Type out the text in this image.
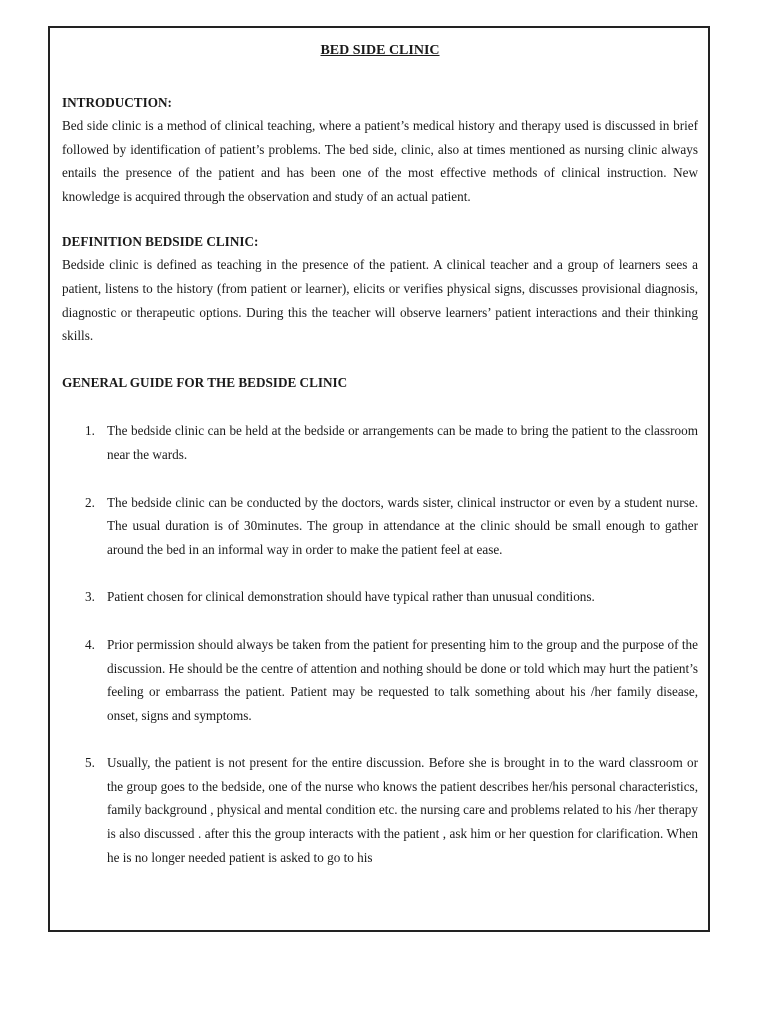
BED SIDE CLINIC
INTRODUCTION:

Bed side clinic is a method of clinical teaching, where a patient’s medical history and therapy used is discussed in brief followed by identification of patient’s problems. The bed side, clinic, also at times mentioned as nursing clinic always entails the presence of the patient and has been one of the most effective methods of clinical instruction. New knowledge is acquired through the observation and study of an actual patient.

DEFINITION BEDSIDE CLINIC:

Bedside clinic is defined as teaching in the presence of the patient. A clinical teacher and a group of learners sees a patient, listens to the history (from patient or learner), elicits or verifies physical signs, discusses provisional diagnosis, diagnostic or therapeutic options. During this the teacher will observe learners’ patient interactions and their thinking skills.

GENERAL GUIDE FOR THE BEDSIDE CLINIC
1. The bedside clinic can be held at the bedside or arrangements can be made to bring the patient to the classroom near the wards.
2. The bedside clinic can be conducted by the doctors, wards sister, clinical instructor or even by a student nurse. The usual duration is of 30minutes. The group in attendance at the clinic should be small enough to gather around the bed in an informal way in order to make the patient feel at ease.
3. Patient chosen for clinical demonstration should have typical rather than unusual conditions.
4. Prior permission should always be taken from the patient for presenting him to the group and the purpose of the discussion. He should be the centre of attention and nothing should be done or told which may hurt the patient’s feeling or embarrass the patient. Patient may be requested to talk something about his /her family disease, onset, signs and symptoms.
5. Usually, the patient is not present for the entire discussion. Before she is brought in to the ward classroom or the group goes to the bedside, one of the nurse who knows the patient describes her/his personal characteristics, family background , physical and mental condition etc. the nursing care and problems related to his /her therapy is also discussed . after this the group interacts with the patient , ask him or her question for clarification. When he is no longer needed patient is asked to go to his
